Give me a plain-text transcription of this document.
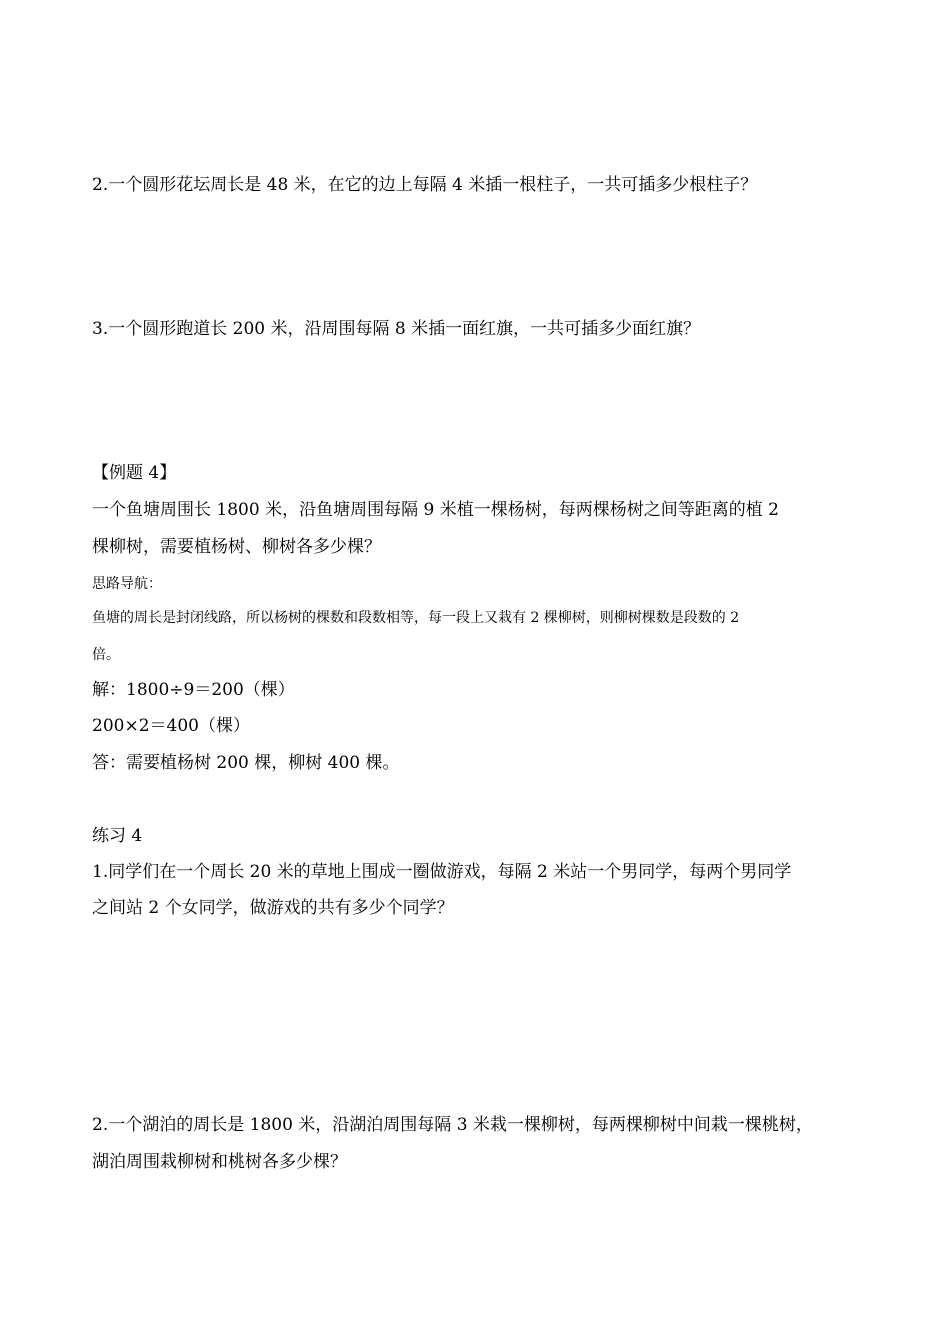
2.一个圆形花坛周长是 48 米，在它的边上每隔 4 米插一根柱子，一共可插多少根柱子？
3.一个圆形跑道长 200 米，沿周围每隔 8 米插一面红旗，一共可插多少面红旗？
【例题 4】
一个鱼塘周围长 1800 米，沿鱼塘周围每隔 9 米植一棵杨树，每两棵杨树之间等距离的植 2
棵柳树，需要植杨树、柳树各多少棵？
思路导航：
鱼塘的周长是封闭线路，所以杨树的棵数和段数相等，每一段上又栽有 2 棵柳树，则柳树棵数是段数的 2
倍。
解：1800÷9＝200（棵）
200×2＝400（棵）
答：需要植杨树 200 棵，柳树 400 棵。
练习 4
1.同学们在一个周长 20 米的草地上围成一圈做游戏，每隔 2 米站一个男同学，每两个男同学
之间站 2 个女同学，做游戏的共有多少个同学？
2.一个湖泊的周长是 1800 米，沿湖泊周围每隔 3 米栽一棵柳树，每两棵柳树中间栽一棵桃树，
湖泊周围栽柳树和桃树各多少棵？
